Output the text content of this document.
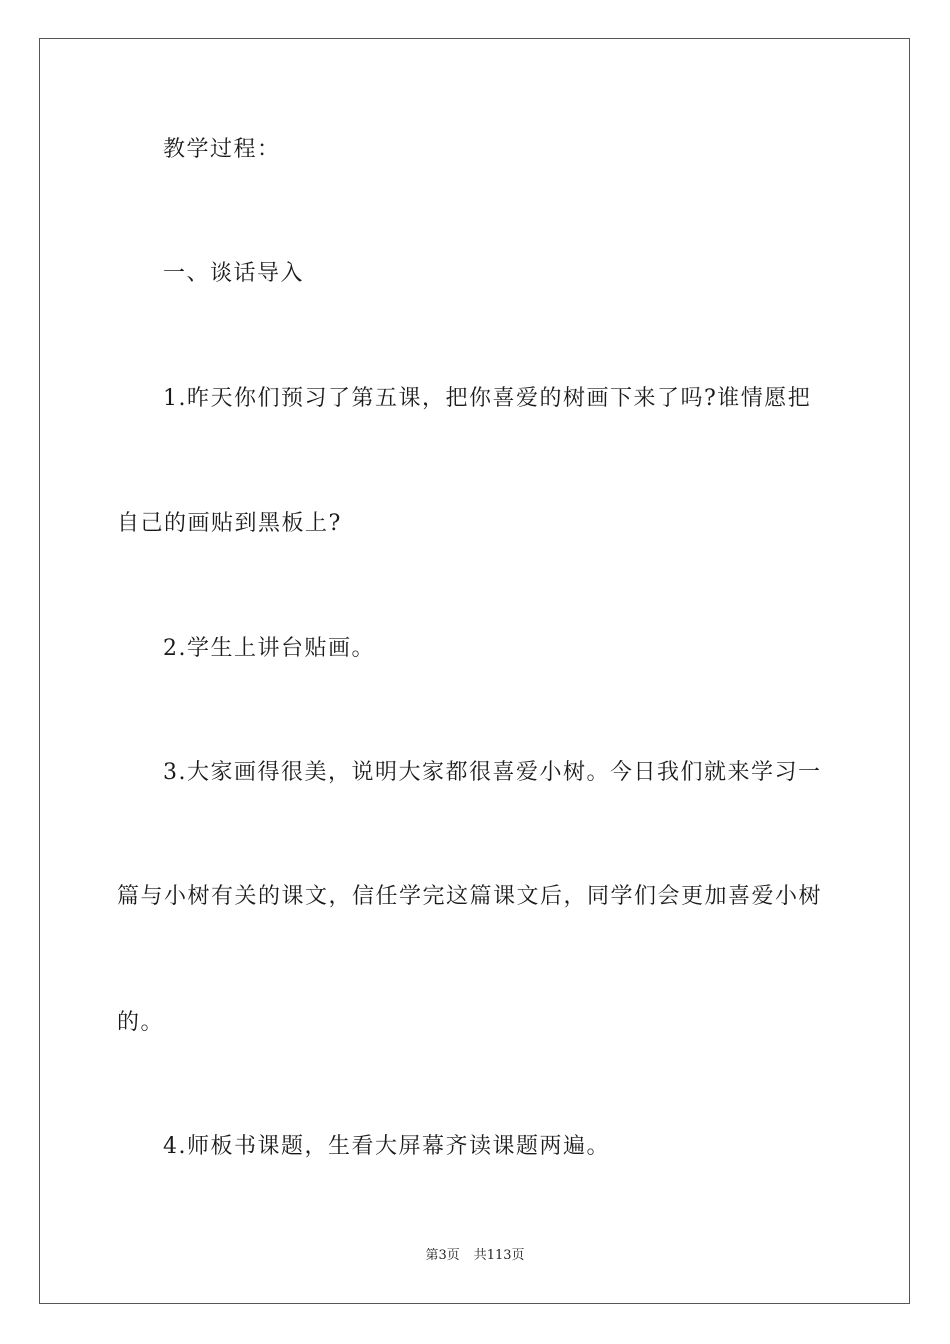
教学过程：
一、谈话导入
1.昨天你们预习了第五课，把你喜爱的树画下来了吗?谁情愿把
自己的画贴到黑板上?
2.学生上讲台贴画。
3.大家画得很美，说明大家都很喜爱小树。今日我们就来学习一
篇与小树有关的课文，信任学完这篇课文后，同学们会更加喜爱小树
的。
4.师板书课题，生看大屏幕齐读课题两遍。
第3页 共113页
